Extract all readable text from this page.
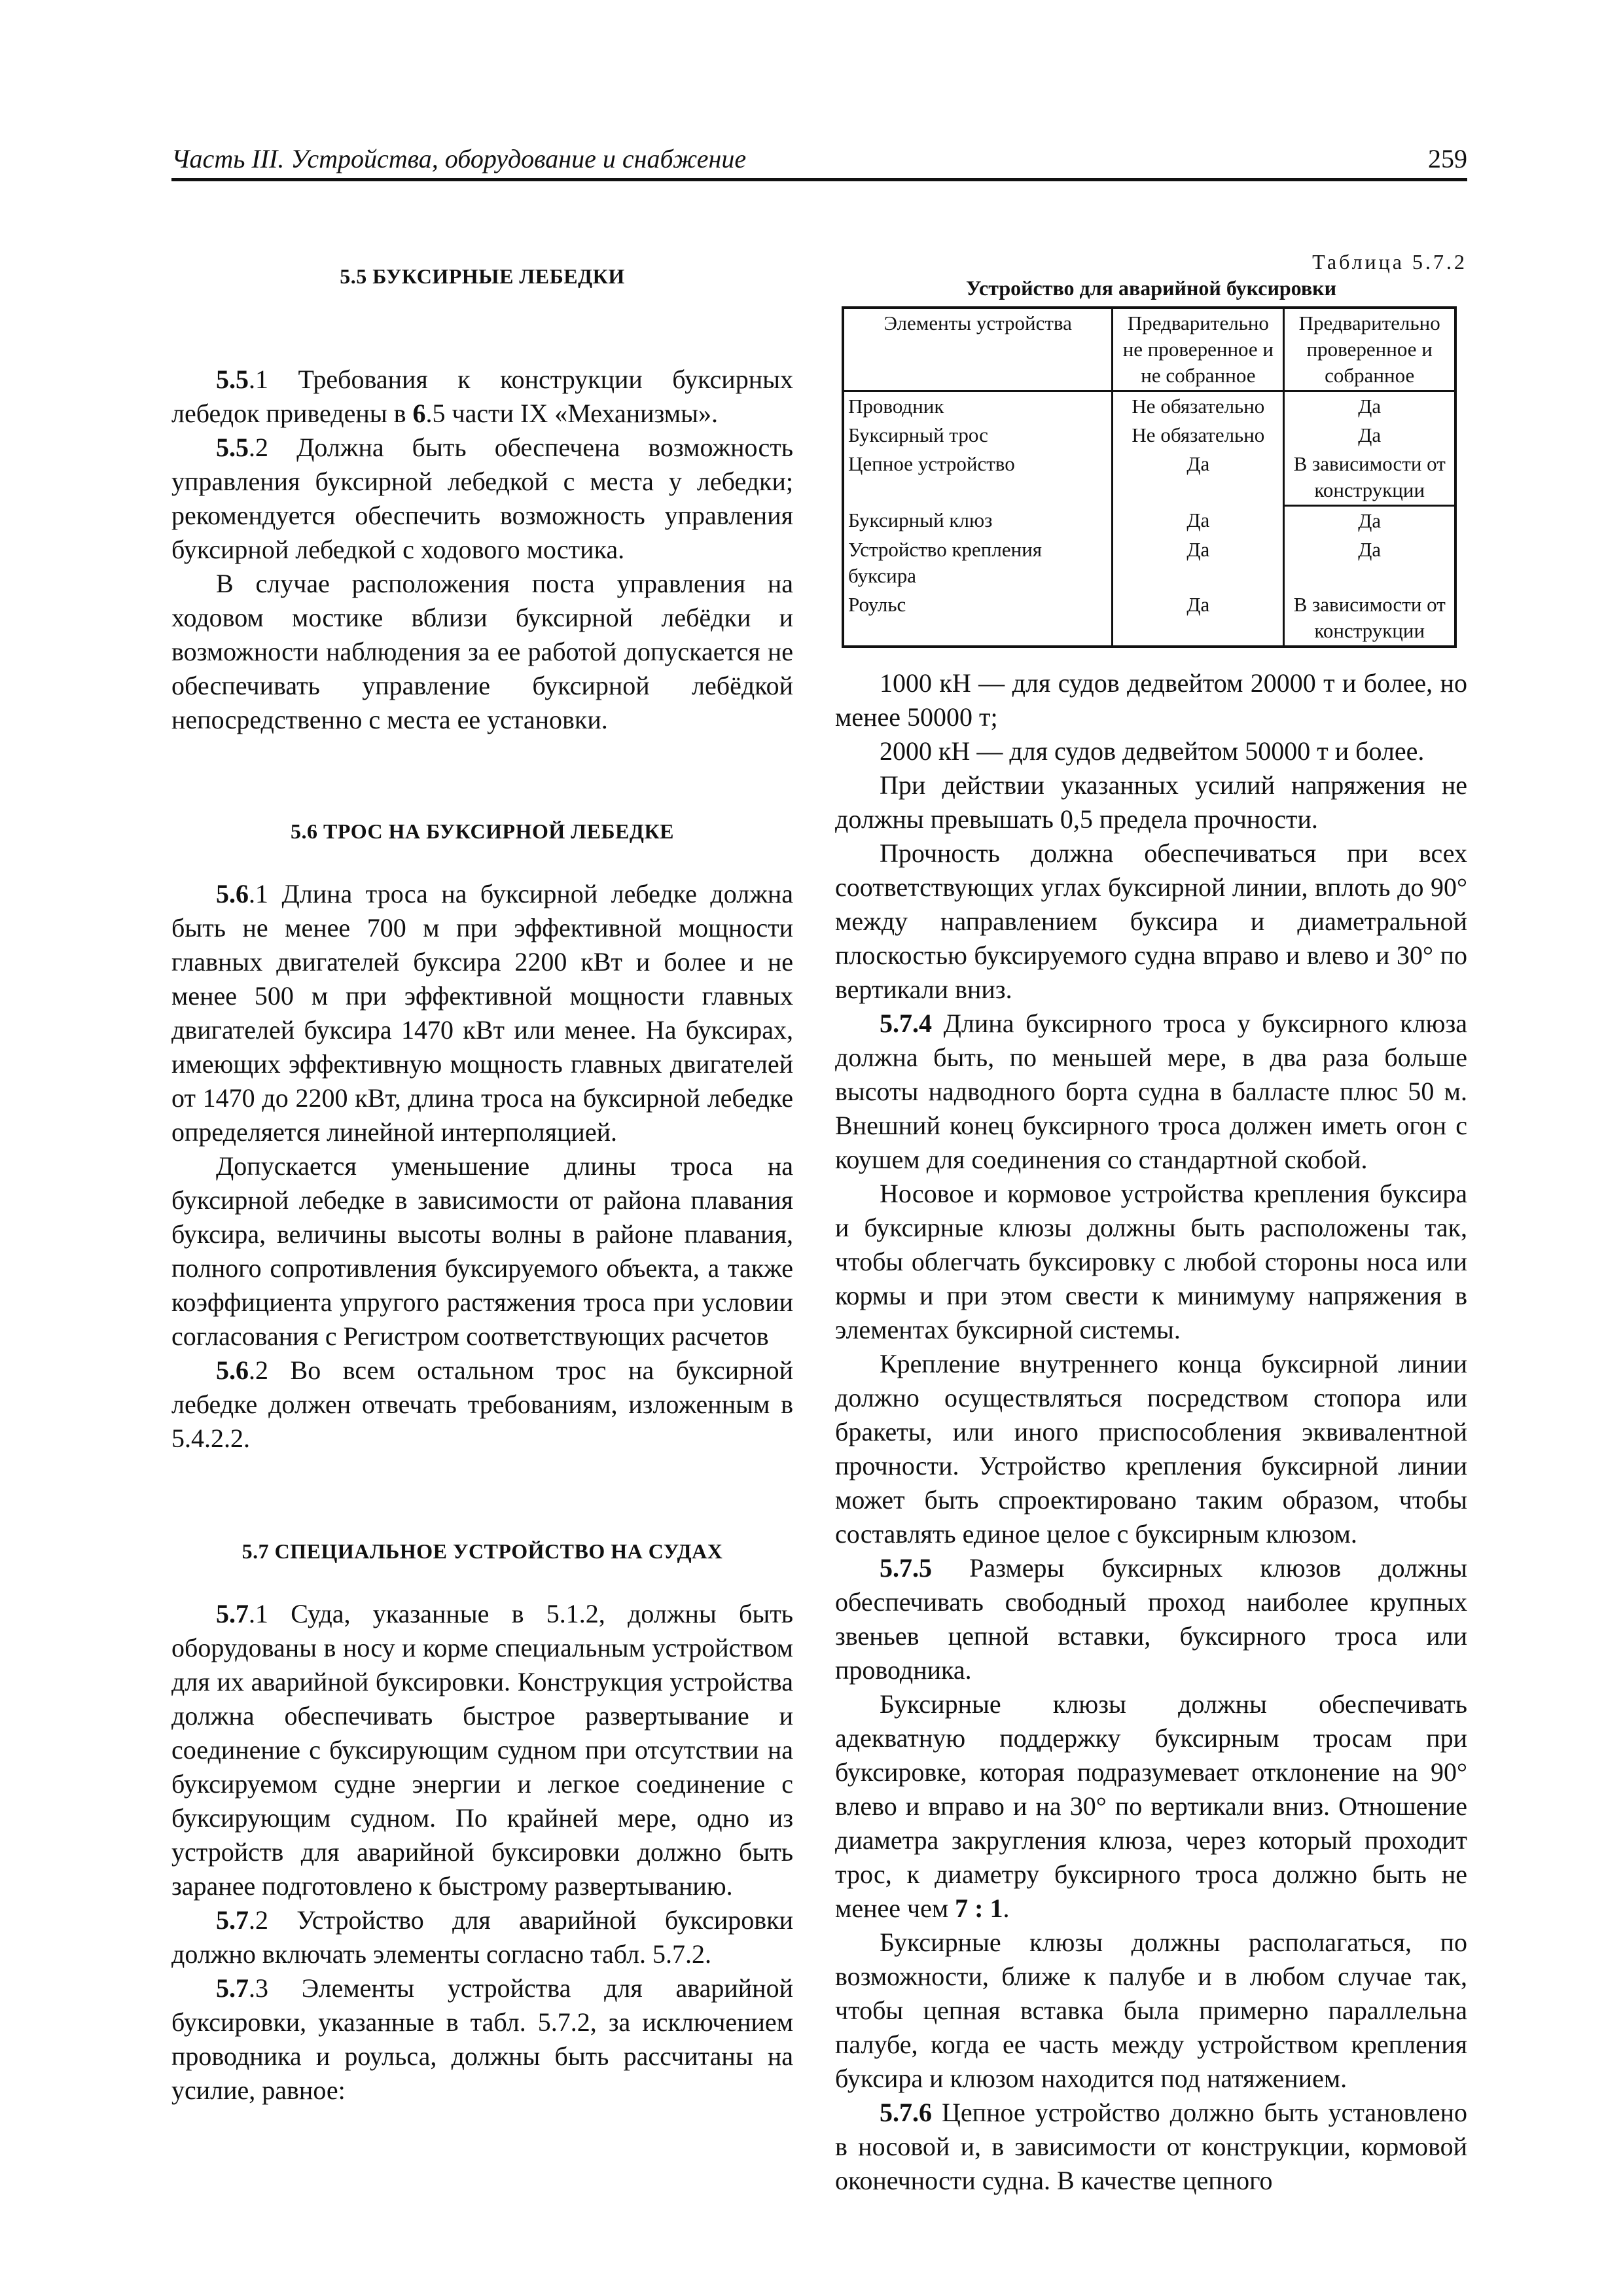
Часть III. Устройства, оборудование и снабжение	259
5.5 БУКСИРНЫЕ ЛЕБЕДКИ

5.5.1 Требования к конструкции буксирных лебедок приведены в 6.5 части IX «Механизмы».

5.5.2 Должна быть обеспечена возможность управления буксирной лебедкой с места у лебедки; рекомендуется обеспечить возможность управления буксирной лебедкой с ходового мостика.

В случае расположения поста управления на ходовом мостике вблизи буксирной лебёдки и возможности наблюдения за ее работой допускается не обеспечивать управление буксирной лебёдкой непосредственно с места ее установки.

5.6 ТРОС НА БУКСИРНОЙ ЛЕБЕДКЕ

5.6.1 Длина троса на буксирной лебедке должна быть не менее 700 м при эффективной мощности главных двигателей буксира 2200 кВт и более и не менее 500 м при эффективной мощности главных двигателей буксира 1470 кВт или менее. На буксирах, имеющих эффективную мощность главных двигателей от 1470 до 2200 кВт, длина троса на буксирной лебедке определяется линейной интерполяцией.

Допускается уменьшение длины троса на буксирной лебедке в зависимости от района плавания буксира, величины высоты волны в районе плавания, полного сопротивления буксируемого объекта, а также коэффициента упругого растяжения троса при условии согласования с Регистром соответствующих расчетов

5.6.2 Во всем остальном трос на буксирной лебедке должен отвечать требованиям, изложенным в 5.4.2.2.

5.7 СПЕЦИАЛЬНОЕ УСТРОЙСТВО НА СУДАХ

5.7.1 Суда, указанные в 5.1.2, должны быть оборудованы в носу и корме специальным устройством для их аварийной буксировки. Конструкция устройства должна обеспечивать быстрое развертывание и соединение с буксирующим судном при отсутствии на буксируемом судне энергии и легкое соединение с буксирующим судном. По крайней мере, одно из устройств для аварийной буксировки должно быть заранее подготовлено к быстрому развертыванию.

5.7.2 Устройство для аварийной буксировки должно включать элементы согласно табл. 5.7.2.

5.7.3 Элементы устройства для аварийной буксировки, указанные в табл. 5.7.2, за исключением проводника и роульса, должны быть рассчитаны на усилие, равное:

Таблица 5.7.2
Устройство для аварийной буксировки
Элементы устройства	Предварительно не проверенное и не собранное	Предварительно проверенное и собранное
Проводник	Не обязательно	Да
Буксирный трос	Не обязательно	Да
Цепное устройство	Да	В зависимости от конструкции
Буксирный клюз	Да	Да
Устройство крепления буксира	Да	Да
Роульс	Да	В зависимости от конструкции

1000 кН — для судов дедвейтом 20000 т и более, но менее 50000 т;

2000 кН — для судов дедвейтом 50000 т и более.

При действии указанных усилий напряжения не должны превышать 0,5 предела прочности.

Прочность должна обеспечиваться при всех соответствующих углах буксирной линии, вплоть до 90° между направлением буксира и диаметральной плоскостью буксируемого судна вправо и влево и 30° по вертикали вниз.

5.7.4 Длина буксирного троса у буксирного клюза должна быть, по меньшей мере, в два раза больше высоты надводного борта судна в балласте плюс 50 м. Внешний конец буксирного троса должен иметь огон с коушем для соединения со стандартной скобой.

Носовое и кормовое устройства крепления буксира и буксирные клюзы должны быть расположены так, чтобы облегчать буксировку с любой стороны носа или кормы и при этом свести к минимуму напряжения в элементах буксирной системы.

Крепление внутреннего конца буксирной линии должно осуществляться посредством стопора или бракеты, или иного приспособления эквивалентной прочности. Устройство крепления буксирной линии может быть спроектировано таким образом, чтобы составлять единое целое с буксирным клюзом.

5.7.5 Размеры буксирных клюзов должны обеспечивать свободный проход наиболее крупных звеньев цепной вставки, буксирного троса или проводника.

Буксирные клюзы должны обеспечивать адекватную поддержку буксирным тросам при буксировке, которая подразумевает отклонение на 90° влево и вправо и на 30° по вертикали вниз. Отношение диаметра закругления клюза, через который проходит трос, к диаметру буксирного троса должно быть не менее чем 7 : 1.

Буксирные клюзы должны располагаться, по возможности, ближе к палубе и в любом случае так, чтобы цепная вставка была примерно параллельна палубе, когда ее часть между устройством крепления буксира и клюзом находится под натяжением.

5.7.6 Цепное устройство должно быть установлено в носовой и, в зависимости от конструкции, кормовой оконечности судна. В качестве цепного
